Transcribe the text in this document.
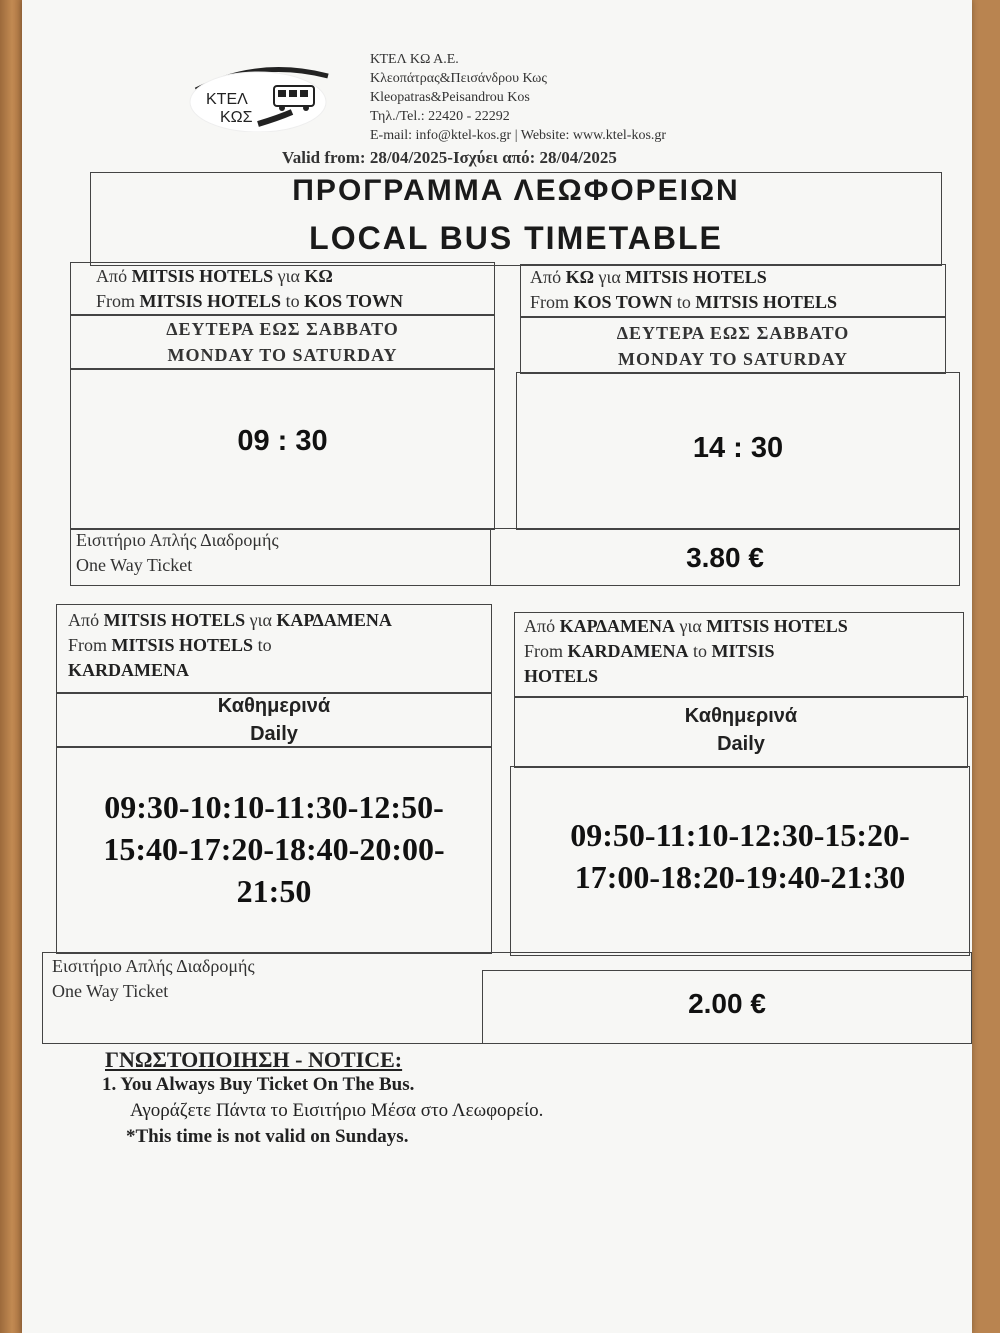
ΚΤΕΛ
ΚΩΣ
ΚΤΕΛ ΚΩ Α.Ε.
Κλεοπάτρας&Πεισάνδρου Κως
Kleopatras&Peisandrou Kos
Τηλ./Tel.: 22420 - 22292
E-mail: info@ktel-kos.gr | Website: www.ktel-kos.gr
Valid from: 28/04/2025-Ισχύει από: 28/04/2025
ΠΡΟΓΡΑΜΜΑ ΛΕΩΦΟΡΕΙΩΝ
LOCAL BUS TIMETABLE
Από MITSIS HOTELS για ΚΩ
From MITSIS HOTELS to KOS TOWN
ΔΕΥΤΕΡΑ ΕΩΣ ΣΑΒΒΑΤΟ
MONDAY TO SATURDAY
09 : 30
Από ΚΩ για MITSIS HOTELS
From KOS TOWN to MITSIS HOTELS
ΔΕΥΤΕΡΑ ΕΩΣ ΣΑΒΒΑΤΟ
MONDAY TO SATURDAY
14 : 30
Εισιτήριο Απλής Διαδρομής
One Way Ticket	3.80 €
Από MITSIS HOTELS για ΚΑΡΔΑΜΕΝΑ
From MITSIS HOTELS to
KARDAMENA
Καθημερινά
Daily
09:30-10:10-11:30-12:50-
15:40-17:20-18:40-20:00-
21:50
Από ΚΑΡΔΑΜΕΝΑ για MITSIS HOTELS
From KARDAMENA to MITSIS
HOTELS
Καθημερινά
Daily
09:50-11:10-12:30-15:20-
17:00-18:20-19:40-21:30
Εισιτήριο Απλής Διαδρομής
One Way Ticket	2.00 €
ΓΝΩΣΤΟΠΟΙΗΣΗ - NOTICE:
1. You Always Buy Ticket On The Bus.
Αγοράζετε Πάντα το Εισιτήριο Μέσα στο Λεωφορείο.
*This time is not valid on Sundays.
